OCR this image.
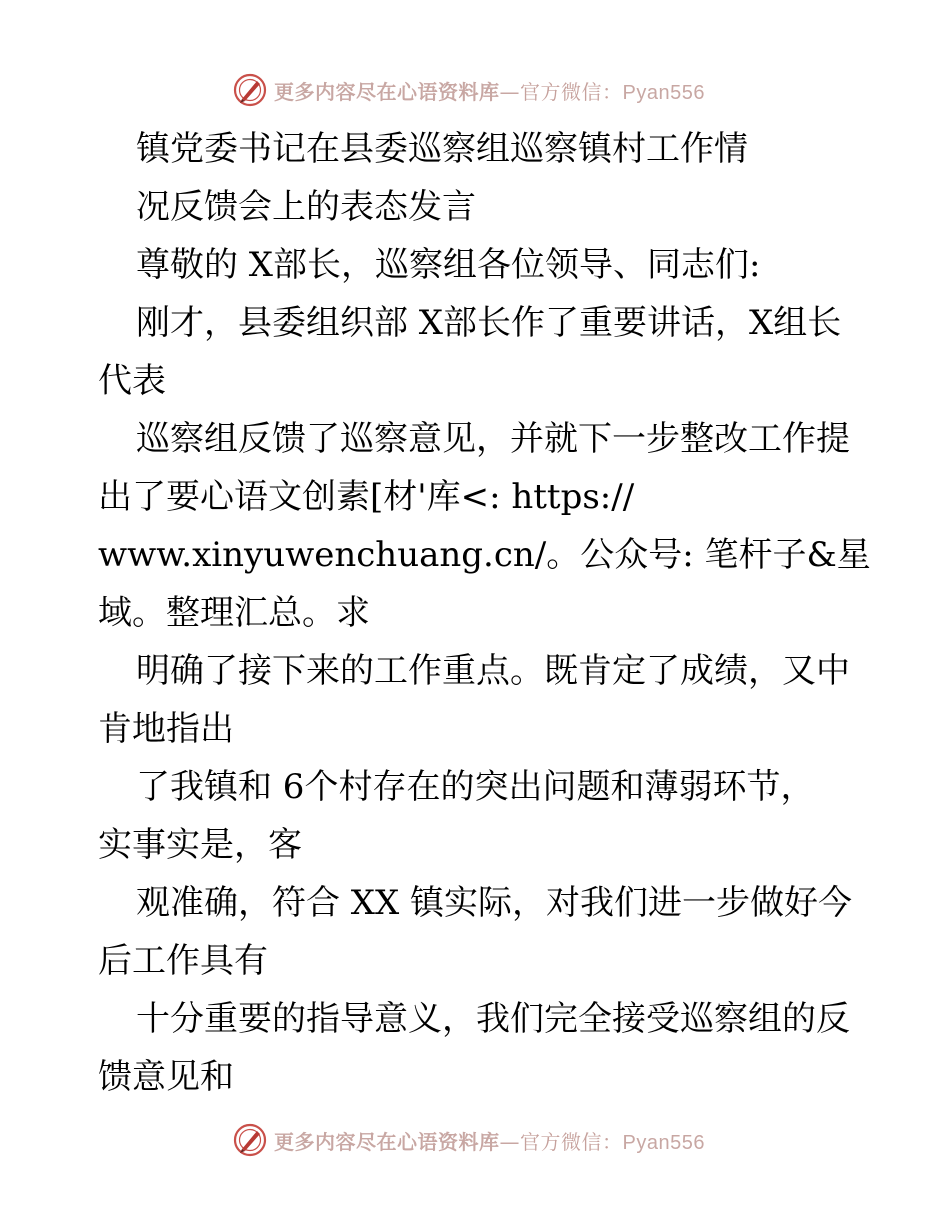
更多内容尽在心语资料库—官方微信：Pyan556
镇党委书记在县委巡察组巡察镇村工作情
况反馈会上的表态发言
尊敬的 X部长，巡察组各位领导、同志们:
刚才，县委组织部 X部长作了重要讲话，X组长
代表
巡察组反馈了巡察意见，并就下一步整改工作提
出了要心语文创素[材'库<: https://
www.xinyuwenchuang.cn/。公众号: 笔杆子&星
域。整理汇总。求
明确了接下来的工作重点。既肯定了成绩，又中
肯地指出
了我镇和 6个村存在的突出问题和薄弱环节，
实事实是，客
观准确，符合 XX 镇实际，对我们进一步做好今
后工作具有
十分重要的指导意义，我们完全接受巡察组的反
馈意见和
更多内容尽在心语资料库—官方微信：Pyan556
